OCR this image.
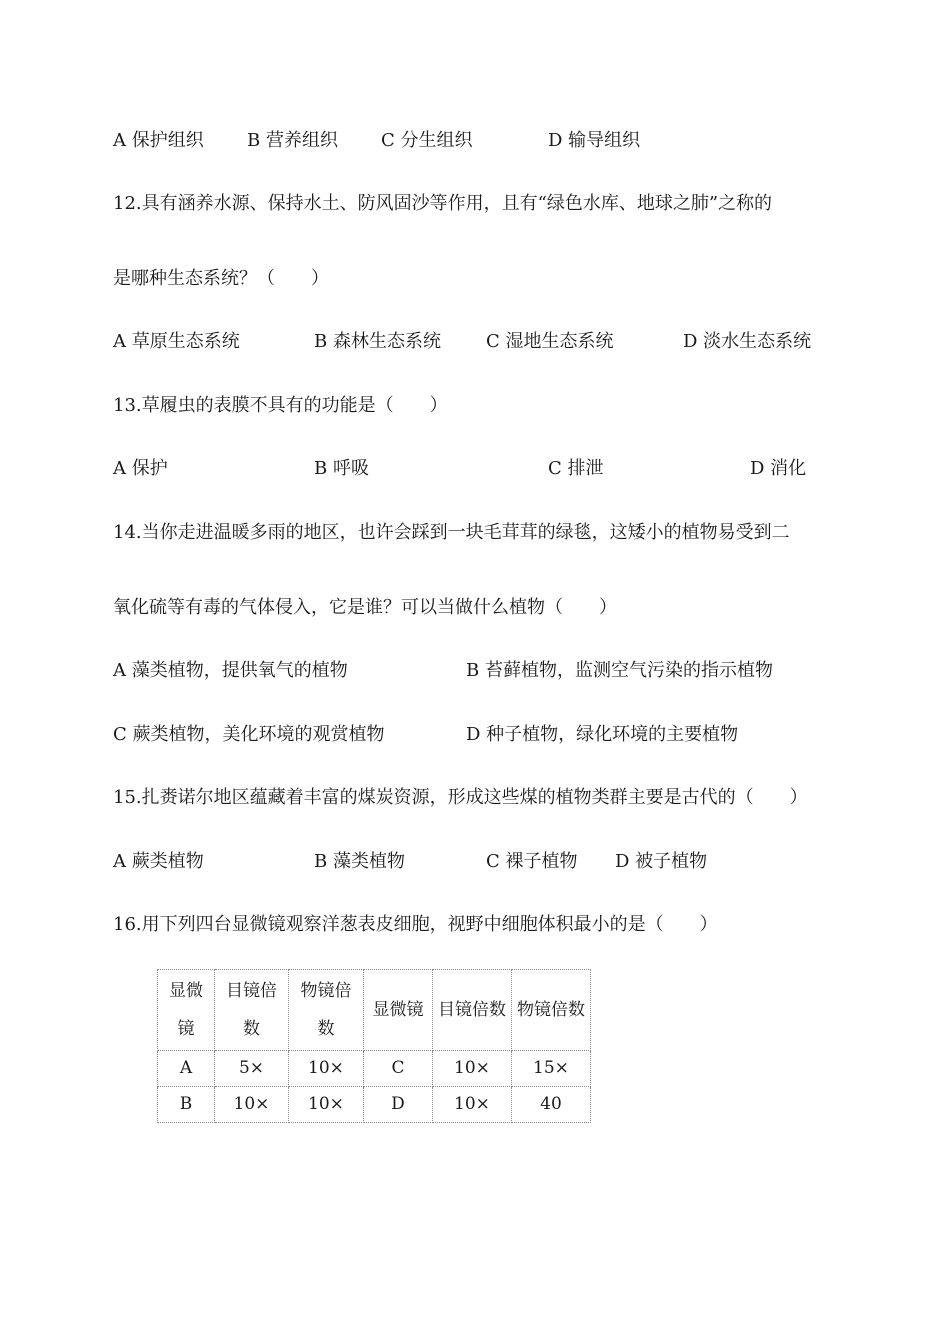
A 保护组织 B 营养组织 C 分生组织	D 输导组织
12.具有涵养水源、保持水土、防风固沙等作用，且有“绿色水库、地球之肺”之称的
是哪种生态系统？（　　）
A 草原生态系统	B 森林生态系统	C 湿地生态系统	D 淡水生态系统
13.草履虫的表膜不具有的功能是（　　）
A 保护	B 呼吸	C 排泄	D 消化
14.当你走进温暖多雨的地区，也许会踩到一块毛茸茸的绿毯，这矮小的植物易受到二
氧化硫等有毒的气体侵入，它是谁？可以当做什么植物（　　）
A 藻类植物，提供氧气的植物	B 苔藓植物，监测空气污染的指示植物
C 蕨类植物，美化环境的观赏植物	D 种子植物，绿化环境的主要植物
15.扎赉诺尔地区蕴藏着丰富的煤炭资源，形成这些煤的植物类群主要是古代的（　　）
A 蕨类植物	B 藻类植物	C 裸子植物 D 被子植物
16.用下列四台显微镜观察洋葱表皮细胞，视野中细胞体积最小的是（　　）
显微镜	目镜倍数	物镜倍数	显微镜	目镜倍数	物镜倍数
A	5×	10×	C	10×	15×
B	10×	10×	D	10×	40
